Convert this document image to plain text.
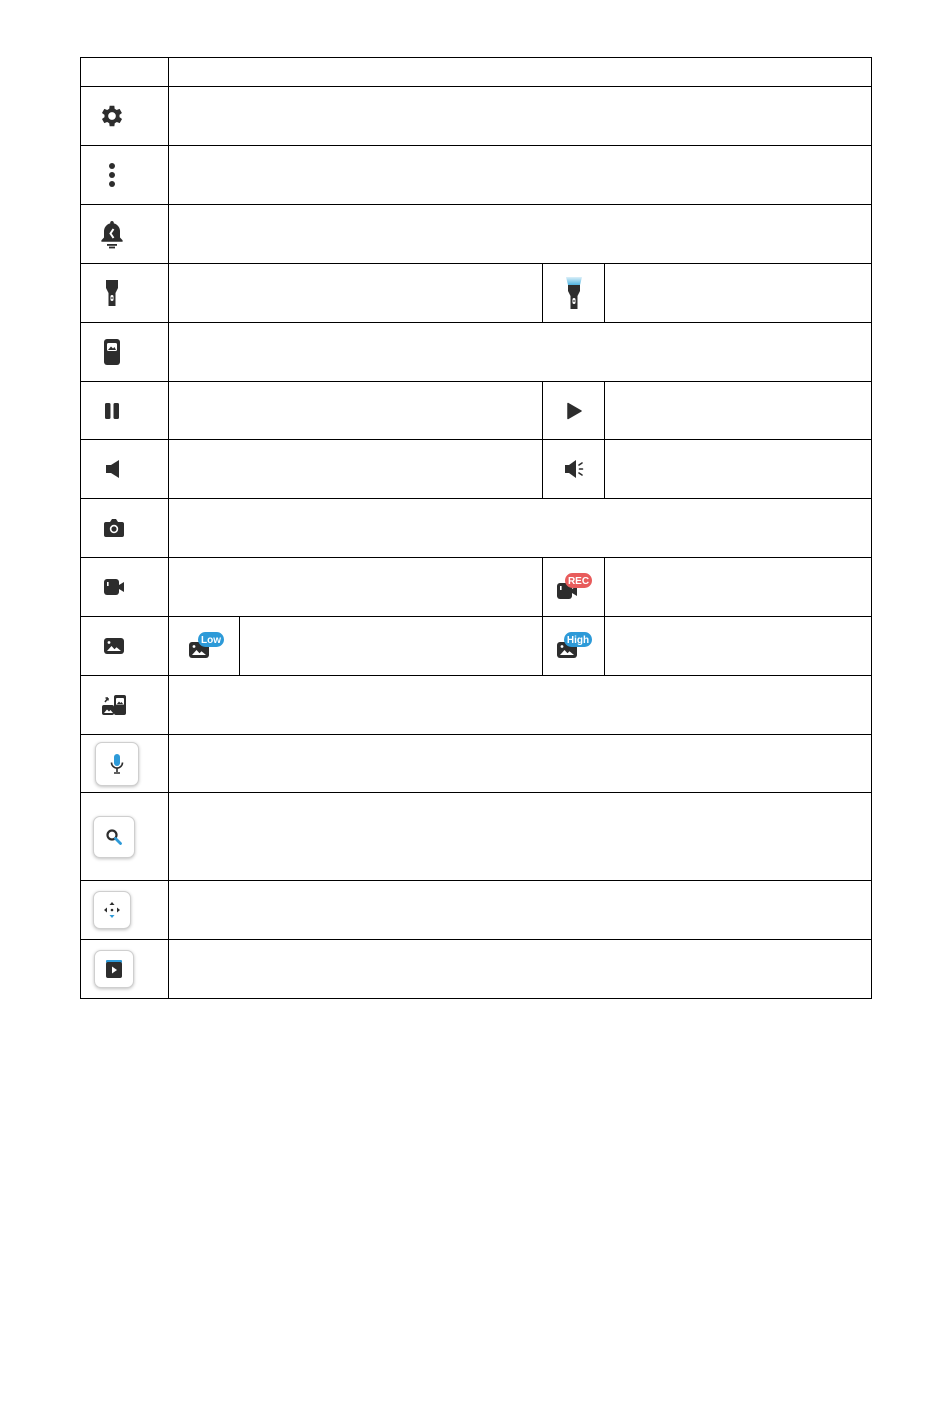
REC
Low	High
